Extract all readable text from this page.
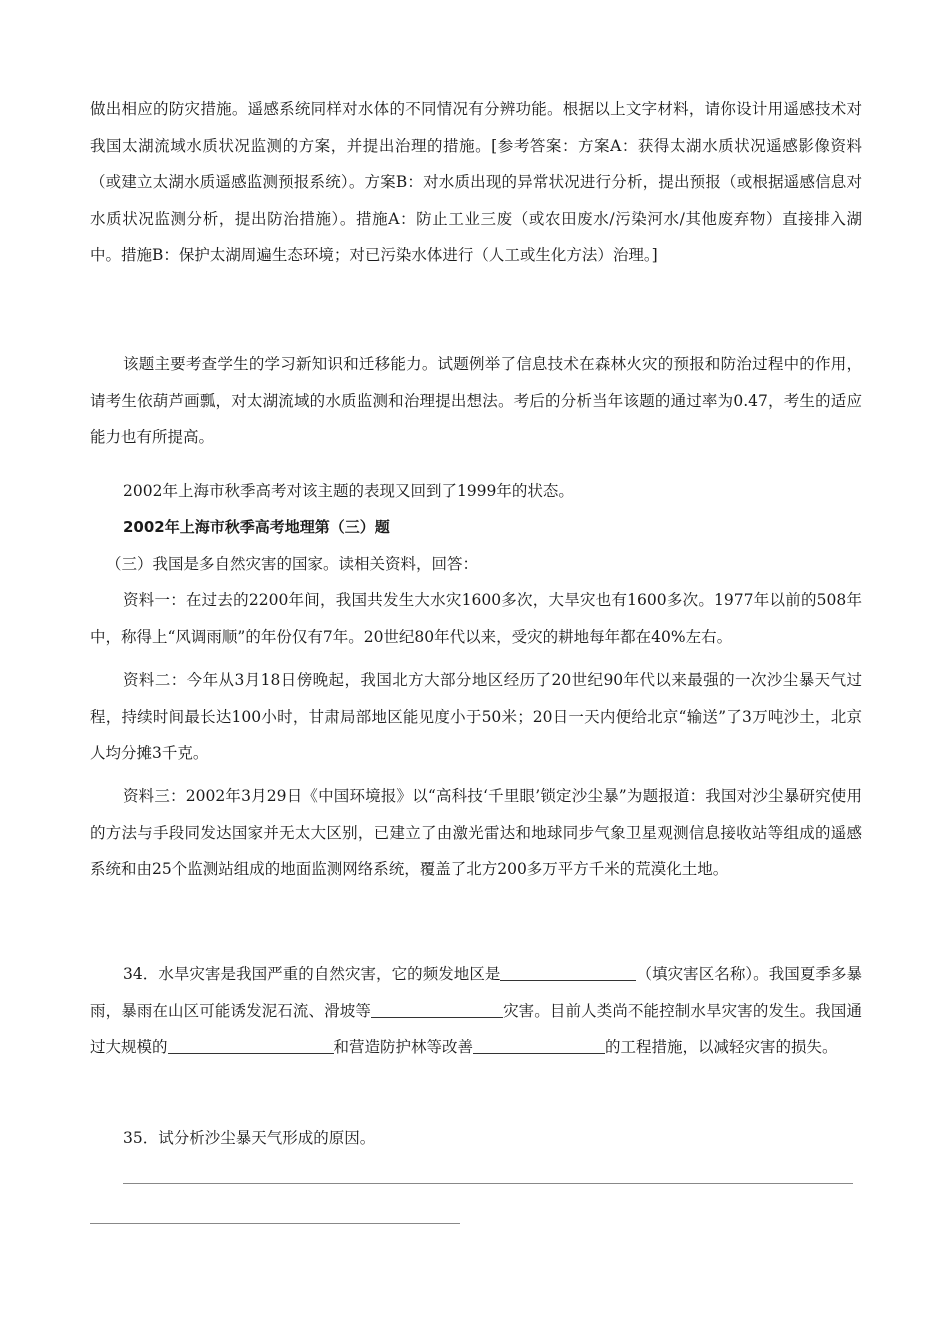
做出相应的防灾措施。遥感系统同样对水体的不同情况有分辨功能。根据以上文字材料，请你设计用遥感技术对我国太湖流域水质状况监测的方案，并提出治理的措施。[参考答案：方案A：获得太湖水质状况遥感影像资料（或建立太湖水质遥感监测预报系统）。方案B：对水质出现的异常状况进行分析，提出预报（或根据遥感信息对水质状况监测分析，提出防治措施）。措施A：防止工业三废（或农田废水/污染河水/其他废弃物）直接排入湖中。措施B：保护太湖周遍生态环境；对已污染水体进行（人工或生化方法）治理。]

该题主要考查学生的学习新知识和迁移能力。试题例举了信息技术在森林火灾的预报和防治过程中的作用，请考生依葫芦画瓢，对太湖流域的水质监测和治理提出想法。考后的分析当年该题的通过率为0.47，考生的适应能力也有所提高。

2002年上海市秋季高考对该主题的表现又回到了1999年的状态。

2002年上海市秋季高考地理第（三）题

（三）我国是多自然灾害的国家。读相关资料，回答：

资料一：在过去的2200年间，我国共发生大水灾1600多次，大旱灾也有1600多次。1977年以前的508年中，称得上“风调雨顺”的年份仅有7年。20世纪80年代以来，受灾的耕地每年都在40%左右。

资料二：今年从3月18日傍晚起，我国北方大部分地区经历了20世纪90年代以来最强的一次沙尘暴天气过程，持续时间最长达100小时，甘肃局部地区能见度小于50米；20日一天内便给北京“输送”了3万吨沙土，北京人均分摊3千克。

资料三：2002年3月29日《中国环境报》以“高科技‘千里眼’锁定沙尘暴”为题报道：我国对沙尘暴研究使用的方法与手段同发达国家并无太大区别，已建立了由激光雷达和地球同步气象卫星观测信息接收站等组成的遥感系统和由25个监测站组成的地面监测网络系统，覆盖了北方200多万平方千米的荒漠化土地。

34．水旱灾害是我国严重的自然灾害，它的频发地区是	（填灾害区名称）。我国夏季多暴雨，暴雨在山区可能诱发泥石流、滑坡等	灾害。目前人类尚不能控制水旱灾害的发生。我国通过大规模的	和营造防护林等改善	的工程措施，以减轻灾害的损失。

35．试分析沙尘暴天气形成的原因。
